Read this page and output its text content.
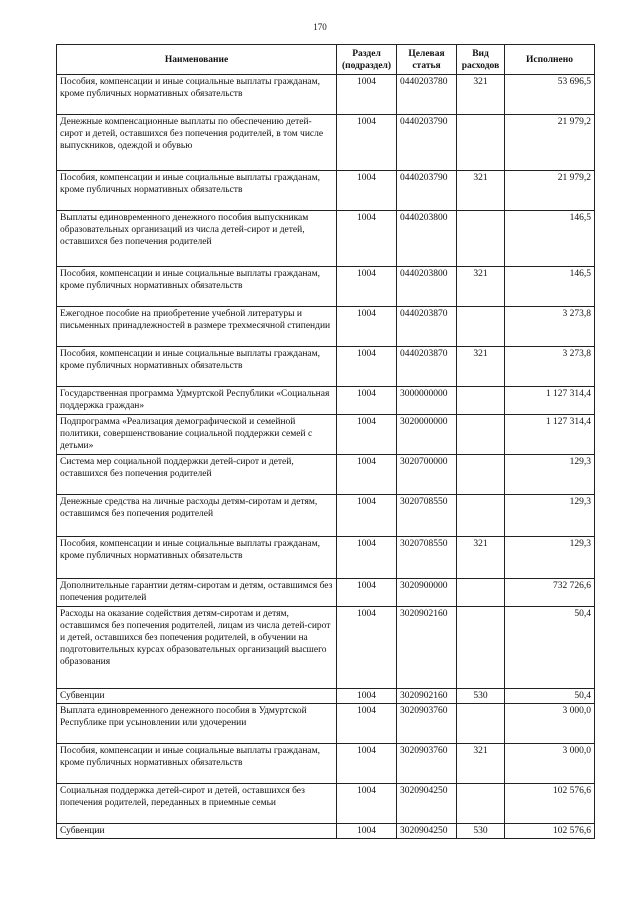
170
Наименование	Раздел (подраздел)	Целевая статья	Вид расходов	Исполнено
Пособия, компенсации и иные социальные выплаты гражданам, кроме публичных нормативных обязательств	1004	0440203780	321	53 696,5
Денежные компенсационные выплаты по обеспечению детей-сирот и детей, оставшихся без попечения родителей, в том числе выпускников, одеждой и обувью	1004	0440203790		21 979,2
Пособия, компенсации и иные социальные выплаты гражданам, кроме публичных нормативных обязательств	1004	0440203790	321	21 979,2
Выплаты единовременного денежного пособия выпускникам образовательных организаций из числа детей-сирот и детей, оставшихся без попечения родителей	1004	0440203800		146,5
Пособия, компенсации и иные социальные выплаты гражданам, кроме публичных нормативных обязательств	1004	0440203800	321	146,5
Ежегодное пособие на приобретение учебной литературы и письменных принадлежностей в размере трехмесячной стипендии	1004	0440203870		3 273,8
Пособия, компенсации и иные социальные выплаты гражданам, кроме публичных нормативных обязательств	1004	0440203870	321	3 273,8
Государственная программа Удмуртской Республики «Социальная поддержка граждан»	1004	3000000000		1 127 314,4
Подпрограмма «Реализация демографической и семейной политики, совершенствование социальной поддержки семей с детьми»	1004	3020000000		1 127 314,4
Система мер социальной поддержки детей-сирот и детей, оставшихся без попечения родителей	1004	3020700000		129,3
Денежные средства на личные расходы детям-сиротам и детям, оставшимся без попечения родителей	1004	3020708550		129,3
Пособия, компенсации и иные социальные выплаты гражданам, кроме публичных нормативных обязательств	1004	3020708550	321	129,3
Дополнительные гарантии детям-сиротам и детям, оставшимся без попечения родителей	1004	3020900000		732 726,6
Расходы на оказание содействия детям-сиротам и детям, оставшимся без попечения родителей, лицам из числа детей-сирот и детей, оставшихся без попечения родителей, в обучении на подготовительных курсах образовательных организаций высшего образования	1004	3020902160		50,4
Субвенции	1004	3020902160	530	50,4
Выплата единовременного денежного пособия в Удмуртской Республике при усыновлении или удочерении	1004	3020903760		3 000,0
Пособия, компенсации и иные социальные выплаты гражданам, кроме публичных нормативных обязательств	1004	3020903760	321	3 000,0
Социальная поддержка детей-сирот и детей, оставшихся без попечения родителей, переданных в приемные семьи	1004	3020904250		102 576,6
Субвенции	1004	3020904250	530	102 576,6
